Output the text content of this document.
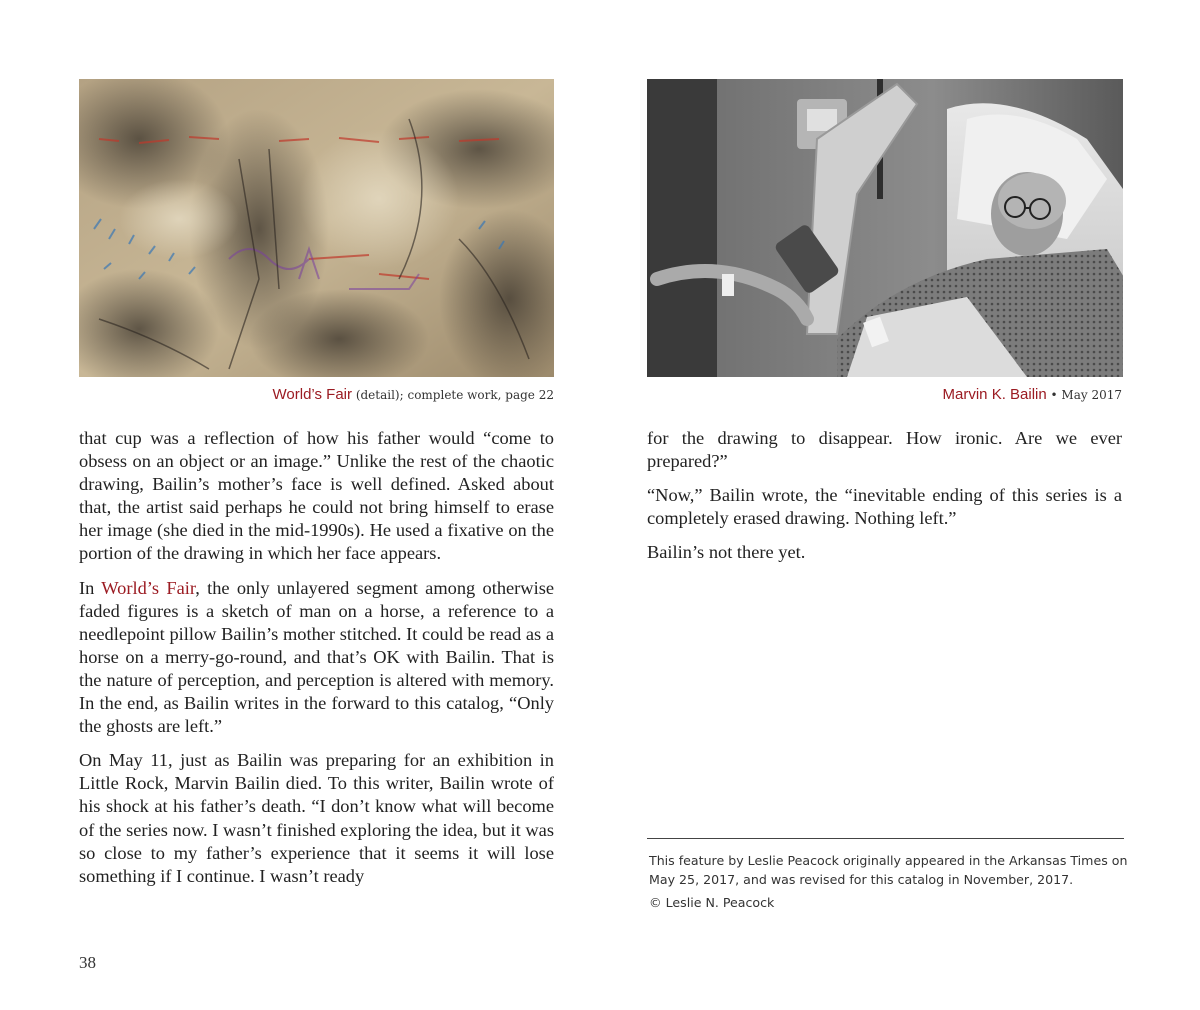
World’s Fair (detail); complete work, page 22

that cup was a reflection of how his father would “come to obsess on an object or an image.” Unlike the rest of the chaotic drawing, Bailin’s mother’s face is well defined. Asked about that, the artist said perhaps he could not bring himself to erase her image (she died in the mid-1990s). He used a fixative on the portion of the drawing in which her face appears.

In World’s Fair, the only unlayered segment among otherwise faded figures is a sketch of man on a horse, a reference to a needlepoint pillow Bailin’s mother stitched. It could be read as a horse on a merry-go-round, and that’s OK with Bailin. That is the nature of perception, and perception is altered with memory. In the end, as Bailin writes in the forward to this catalog, “Only the ghosts are left.”

On May 11, just as Bailin was preparing for an exhibition in Little Rock, Marvin Bailin died. To this writer, Bailin wrote of his shock at his father’s death. “I don’t know what will become of the series now. I wasn’t finished exploring the idea, but it was so close to my father’s experience that it seems it will lose something if I continue. I wasn’t ready

38
Marvin K. Bailin • May 2017

for the drawing to disappear. How ironic. Are we ever prepared?”

“Now,” Bailin wrote, the “inevitable ending of this series is a completely erased drawing. Nothing left.”

Bailin’s not there yet.

This feature by Leslie Peacock originally appeared in the Arkansas Times on May 25, 2017, and was revised for this catalog in November, 2017.

© Leslie N. Peacock
